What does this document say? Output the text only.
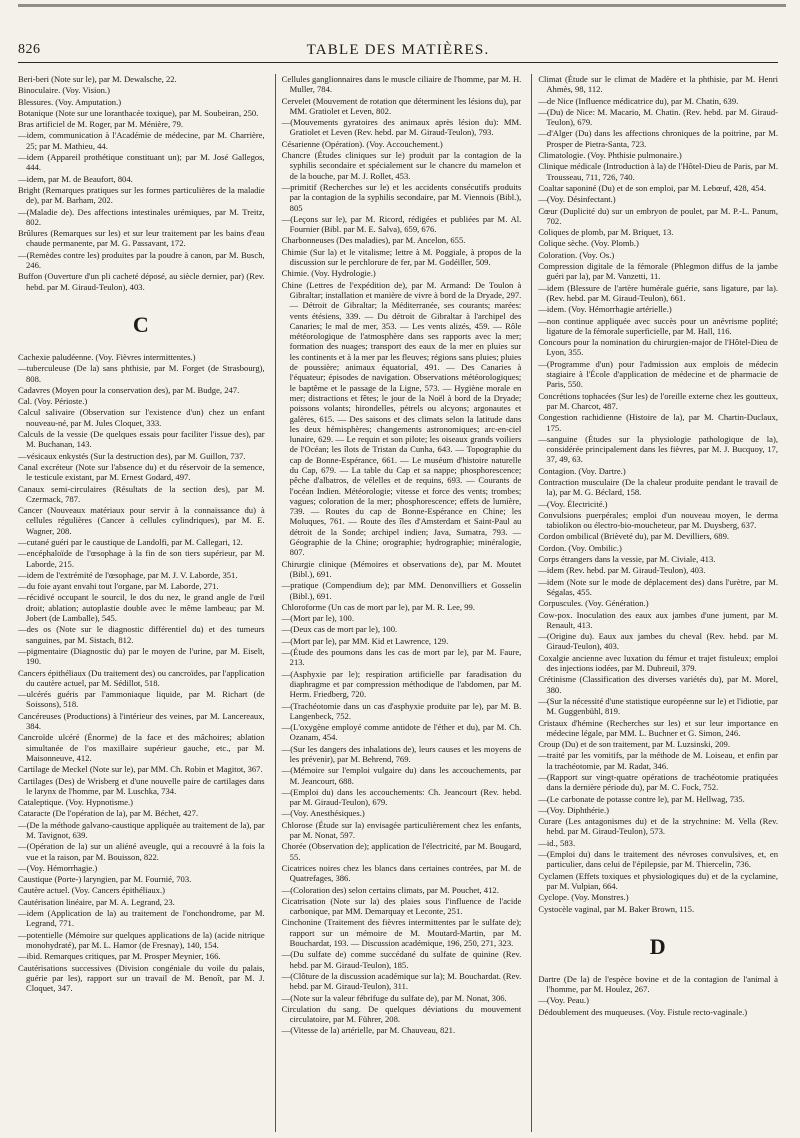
826	TABLE DES MATIÈRES.
Beri-beri (Note sur le), par M. Dewalsche, 22.
Binoculaire. (Voy. Vision.)
Blessures. (Voy. Amputation.)
Botanique (Note sur une loranthacée toxique), par M. Soubeiran, 250.
Bras artificiel de M. Roger, par M. Ménière, 79.
—idem, communication à l'Académie de médecine, par M. Charrière, 25; par M. Mathieu, 44.
—idem (Appareil prothétique constituant un); par M. José Gallegos, 444.
—idem, par M. de Beaufort, 804.
Bright (Remarques pratiques sur les formes particulières de la maladie de), par M. Barham, 202.
—(Maladie de). Des affections intestinales urémiques, par M. Treitz, 802.
Brûlures (Remarques sur les) et sur leur traitement par les bains d'eau chaude permanente, par M. G. Passavant, 172.
—(Remèdes contre les) produites par la poudre à canon, par M. Busch, 246.
Buffon (Ouverture d'un pli cacheté déposé, au siècle dernier, par) (Rev. hebd. par M. Giraud-Teulon), 403.
C
Cachexie paludéenne. (Voy. Fièvres intermittentes.)
—tuberculeuse (De la) sans phthisie, par M. Forget (de Strasbourg), 808.
Cadavres (Moyen pour la conservation des), par M. Budge, 247.
Cal. (Voy. Périoste.)
Calcul salivaire (Observation sur l'existence d'un) chez un enfant nouveau-né, par M. Jules Cloquet, 333.
Calculs de la vessie (De quelques essais pour faciliter l'issue des), par M. Buchanan, 143.
—vésicaux enkystés (Sur la destruction des), par M. Guillon, 737.
Canal excréteur (Note sur l'absence du) et du réservoir de la semence, le testicule existant, par M. Ernest Godard, 497.
Canaux semi-circulaires (Résultats de la section des), par M. Czermack, 787.
Cancer (Nouveaux matériaux pour servir à la connaissance du) à cellules régulières (Cancer à cellules cylindriques), par M. E. Wagner, 208.
—cutané guéri par le caustique de Landolfi, par M. Callegari, 12.
—encéphaloïde de l'œsophage à la fin de son tiers supérieur, par M. Laborde, 215.
—idem de l'extrémité de l'œsophage, par M. J. V. Laborde, 351.
—du foie ayant envahi tout l'organe, par M. Laborde, 271.
—récidivé occupant le sourcil, le dos du nez, le grand angle de l'œil droit; ablation; autoplastie double avec le même lambeau; par M. Jobert (de Lamballe), 545.
—des os (Note sur le diagnostic différentiel du) et des tumeurs sanguines, par M. Sistach, 812.
—pigmentaire (Diagnostic du) par le moyen de l'urine, par M. Eiselt, 190.
Cancers épithéliaux (Du traitement des) ou cancroïdes, par l'application du cautère actuel, par M. Sédillot, 518.
—ulcérés guéris par l'ammoniaque liquide, par M. Richart (de Soissons), 518.
Cancéreuses (Productions) à l'intérieur des veines, par M. Lancereaux, 384.
Cancroïde ulcéré (Énorme) de la face et des mâchoires; ablation simultanée de l'os maxillaire supérieur gauche, etc., par M. Maisonneuve, 412.
Cartilage de Meckel (Note sur le), par MM. Ch. Robin et Magitot, 367.
Cartilages (Des) de Wrisberg et d'une nouvelle paire de cartilages dans le larynx de l'homme, par M. Luschka, 734.
Cataleptique. (Voy. Hypnotisme.)
Cataracte (De l'opération de la), par M. Béchet, 427.
—(De la méthode galvano-caustique appliquée au traitement de la), par M. Tavignot, 639.
—(Opération de la) sur un aliéné aveugle, qui a recouvré à la fois la vue et la raison, par M. Bouisson, 822.
—(Voy. Hémorrhagie.)
Caustique (Porte-) laryngien, par M. Fournié, 703.
Cautère actuel. (Voy. Cancers épithéliaux.)
Cautérisation linéaire, par M. A. Legrand, 23.
—idem (Application de la) au traitement de l'onchondrome, par M. Legrand, 771.
—potentielle (Mémoire sur quelques applications de la) (acide nitrique monohydraté), par M. L. Hamor (de Fresnay), 140, 154.
—ibid. Remarques critiques, par M. Prosper Meynier, 166.
Cautérisations successives (Division congéniale du voile du palais, guérie par les), rapport sur un travail de M. Benoît, par M. J. Cloquet, 347.
Cellules ganglionnaires dans le muscle ciliaire de l'homme, par M. H. Muller, 784.
Cervelet (Mouvement de rotation que déterminent les lésions du), par MM. Gratiolet et Leven, 802.
—(Mouvements gyratoires des animaux après lésion du): MM. Gratiolet et Leven (Rev. hebd. par M. Giraud-Teulon), 793.
Césarienne (Opération). (Voy. Accouchement.)
Chancre (Études cliniques sur le) produit par la contagion de la syphilis secondaire et spécialement sur le chancre du mamelon et de la bouche, par M. J. Rollet, 453.
—primitif (Recherches sur le) et les accidents consécutifs produits par la contagion de la syphilis secondaire, par M. Viennois (Bibl.), 805
—(Leçons sur le), par M. Ricord, rédigées et publiées par M. Al. Fournier (Bibl. par M. E. Salva), 659, 676.
Charbonneuses (Des maladies), par M. Ancelon, 655.
Chimie (Sur la) et le vitalisme; lettre à M. Poggiale, à propos de la discussion sur le perchlorure de fer, par M. Godéiller, 509.
Chimie. (Voy. Hydrologie.)
Chine (Lettres de l'expédition de), par M. Armand: De Toulon à Gibraltar; installation et manière de vivre à bord de la Dryade, 297. — Détroit de Gibraltar; la Méditerranée, ses courants; marées: vents étésiens, 339. — Du détroit de Gibraltar à l'archipel des Canaries; le mal de mer, 353. — Les vents alizés, 459. — Rôle météorologique de l'atmosphère dans ses rapports avec la mer; formation des nuages; transport des eaux de la mer en pluies sur les continents et à la mer par les fleuves; régions sans pluies; pluies de poussière; animaux équatorial, 491. — Des Canaries à l'équateur; épisodes de navigation. Observations météorologiques; le baptême et le passage de la Ligne, 573. — Hygiène morale en mer; distractions et fêtes; le jour de la Noël à bord de la Dryade; poissons volants; hirondelles, pétrels ou alcyons; argonautes et galères, 615. — Des saisons et des climats selon la latitude dans les deux hémisphères; changements astronomiques; arc-en-ciel lunaire, 629. — Le requin et son pilote; les oiseaux grands voiliers de l'Océan; les îlots de Tristan da Cunha, 643. — Topographie du cap de Bonne-Espérance, 661. — Le muséum d'histoire naturelle du Cap, 679. — La table du Cap et sa nappe; phosphorescence; pêche d'albatros, de vélelles et de requins, 693. — Courants de l'océan Indien. Météorologie; vitesse et force des vents; trombes; vagues; coloration de la mer; phosphorescence; effets de lumière, 739. — Routes du cap de Bonne-Espérance en Chine; les Moluques, 761. — Route des îles d'Amsterdam et Saint-Paul au détroit de la Sonde; archipel indien; Java, Sumatra, 793. — Géographie de la Chine; orographie; hydrographie; minéralogie, 807.
Chirurgie clinique (Mémoires et observations de), par M. Moutet (Bibl.), 691.
—pratique (Compendium de); par MM. Denonvilliers et Gosselin (Bibl.), 691.
Chloroforme (Un cas de mort par le), par M. R. Lee, 99.
—(Mort par le), 100.
—(Deux cas de mort par le), 100.
—(Mort par le), par MM. Kid et Lawrence, 129.
—(Étude des poumons dans les cas de mort par le), par M. Faure, 213.
—(Asphyxie par le); respiration artificielle par faradisation du diaphragme et par compression méthodique de l'abdomen, par M. Herm. Friedberg, 720.
—(Trachéotomie dans un cas d'asphyxie produite par le), par M. B. Langenbeck, 752.
—(L'oxygène employé comme antidote de l'éther et du), par M. Ch. Ozanam, 454.
—(Sur les dangers des inhalations de), leurs causes et les moyens de les prévenir), par M. Behrend, 769.
—(Mémoire sur l'emploi vulgaire du) dans les accouchements, par M. Jeancourt, 688.
—(Emploi du) dans les accouchements: Ch. Jeancourt (Rev. hebd. par M. Giraud-Teulon), 679.
—(Voy. Anesthésiques.)
Chlorose (Étude sur la) envisagée particulièrement chez les enfants, par M. Nonat, 597.
Chorée (Observation de); application de l'électricité, par M. Bougard, 55.
Cicatrices noires chez les blancs dans certaines contrées, par M. de Quatrefages, 386.
—(Coloration des) selon certains climats, par M. Pouchet, 412.
Cicatrisation (Note sur la) des plaies sous l'influence de l'acide carbonique, par MM. Demarquay et Leconte, 251.
Cinchonine (Traitement des fièvres intermittentes par le sulfate de); rapport sur un mémoire de M. Moutard-Martin, par M. Bouchardat, 193. — Discussion académique, 196, 250, 271, 323.
—(Du sulfate de) comme succédané du sulfate de quinine (Rev. hebd. par M. Giraud-Teulon), 185.
—(Clôture de la discussion académique sur la); M. Bouchardat. (Rev. hebd. par M. Giraud-Teulon), 311.
—(Note sur la valeur fébrifuge du sulfate de), par M. Nonat, 306.
Circulation du sang. De quelques déviations du mouvement circulatoire, par M. Führer, 208.
—(Vitesse de la) artérielle, par M. Chauveau, 821.
Climat (Étude sur le climat de Madère et la phthisie, par M. Henri Ahmès, 98, 112.
—de Nice (Influence médicatrice du), par M. Chatin, 639.
—(Du) de Nice: M. Macario, M. Chatin. (Rev. hebd. par M. Giraud-Teulon), 679.
—d'Alger (Du) dans les affections chroniques de la poitrine, par M. Prosper de Pietra-Santa, 723.
Climatologie. (Voy. Phthisie pulmonaire.)
Clinique médicale (Introduction à la) de l'Hôtel-Dieu de Paris, par M. Trousseau, 711, 726, 740.
Coaltar saponiné (Du) et de son emploi, par M. Lebœuf, 428, 454.
—(Voy. Désinfectant.)
Cœur (Duplicité du) sur un embryon de poulet, par M. P.-L. Panum, 702.
Coliques de plomb, par M. Briquet, 13.
Colique sèche. (Voy. Plomb.)
Coloration. (Voy. Os.)
Compression digitale de la fémorale (Phlegmon diffus de la jambe guéri par la), par M. Vanzetti, 11.
—idem (Blessure de l'artère humérale guérie, sans ligature, par la). (Rev. hebd. par M. Giraud-Teulon), 661.
—idem. (Voy. Hémorrhagie artérielle.)
—non continue appliquée avec succès pour un anévrisme poplité; ligature de la fémorale superficielle, par M. Hall, 116.
Concours pour la nomination du chirurgien-major de l'Hôtel-Dieu de Lyon, 355.
—(Programme d'un) pour l'admission aux emplois de médecin stagiaire à l'École d'application de médecine et de pharmacie de Paris, 550.
Concrétions tophacées (Sur les) de l'oreille externe chez les goutteux, par M. Charcot, 487.
Congestion rachidienne (Histoire de la), par M. Chartin-Duclaux, 175.
—sanguine (Études sur la physiologie pathologique de la), considérée principalement dans les fièvres, par M. J. Bucquoy, 17, 37, 49, 63.
Contagion. (Voy. Dartre.)
Contraction musculaire (De la chaleur produite pendant le travail de la), par M. G. Béclard, 158.
—(Voy. Électricité.)
Convulsions puerpérales; emploi d'un nouveau moyen, le derma tabiolikon ou électro-bio-moucheteur, par M. Duysberg, 637.
Cordon ombilical (Brièveté du), par M. Devilliers, 689.
Cordon. (Voy. Ombilic.)
Corps étrangers dans la vessie, par M. Civiale, 413.
—idem (Rev. hebd. par M. Giraud-Teulon), 403.
—idem (Note sur le mode de déplacement des) dans l'urètre, par M. Ségalas, 455.
Corpuscules. (Voy. Génération.)
Cow-pox. Inoculation des eaux aux jambes d'une jument, par M. Renault, 413.
—(Origine du). Eaux aux jambes du cheval (Rev. hebd. par M. Giraud-Teulon), 403.
Coxalgie ancienne avec luxation du fémur et trajet fistuleux; emploi des injections iodées, par M. Dubreuil, 379.
Crétinisme (Classification des diverses variétés du), par M. Morel, 380.
—(Sur la nécessité d'une statistique européenne sur le) et l'idiotie, par M. Guggenbühl, 819.
Cristaux d'hémine (Recherches sur les) et sur leur importance en médecine légale, par MM. L. Buchner et G. Simon, 246.
Croup (Du) et de son traitement, par M. Luzsinski, 209.
—traité par les vomitifs, par la méthode de M. Loiseau, et enfin par la trachéotomie, par M. Radat, 346.
—(Rapport sur vingt-quatre opérations de trachéotomie pratiquées dans la dernière période du), par M. C. Fock, 752.
—(Le carbonate de potasse contre le), par M. Hellwag, 735.
—(Voy. Diphthérie.)
Curare (Les antagonismes du) et de la strychnine: M. Vella (Rev. hebd. par M. Giraud-Teulon), 573.
—id., 583.
—(Emploi du) dans le traitement des névroses convulsives, et, en particulier, dans celui de l'épilepsie, par M. Thiercelin, 736.
Cyclamen (Effets toxiques et physiologiques du) et de la cyclamine, par M. Vulpian, 664.
Cyclope. (Voy. Monstres.)
Cystocèle vaginal, par M. Baker Brown, 115.
D
Dartre (De la) de l'espèce bovine et de la contagion de l'animal à l'homme, par M. Houlez, 267.
—(Voy. Peau.)
Dédoublement des muqueuses. (Voy. Fistule recto-vaginale.)
